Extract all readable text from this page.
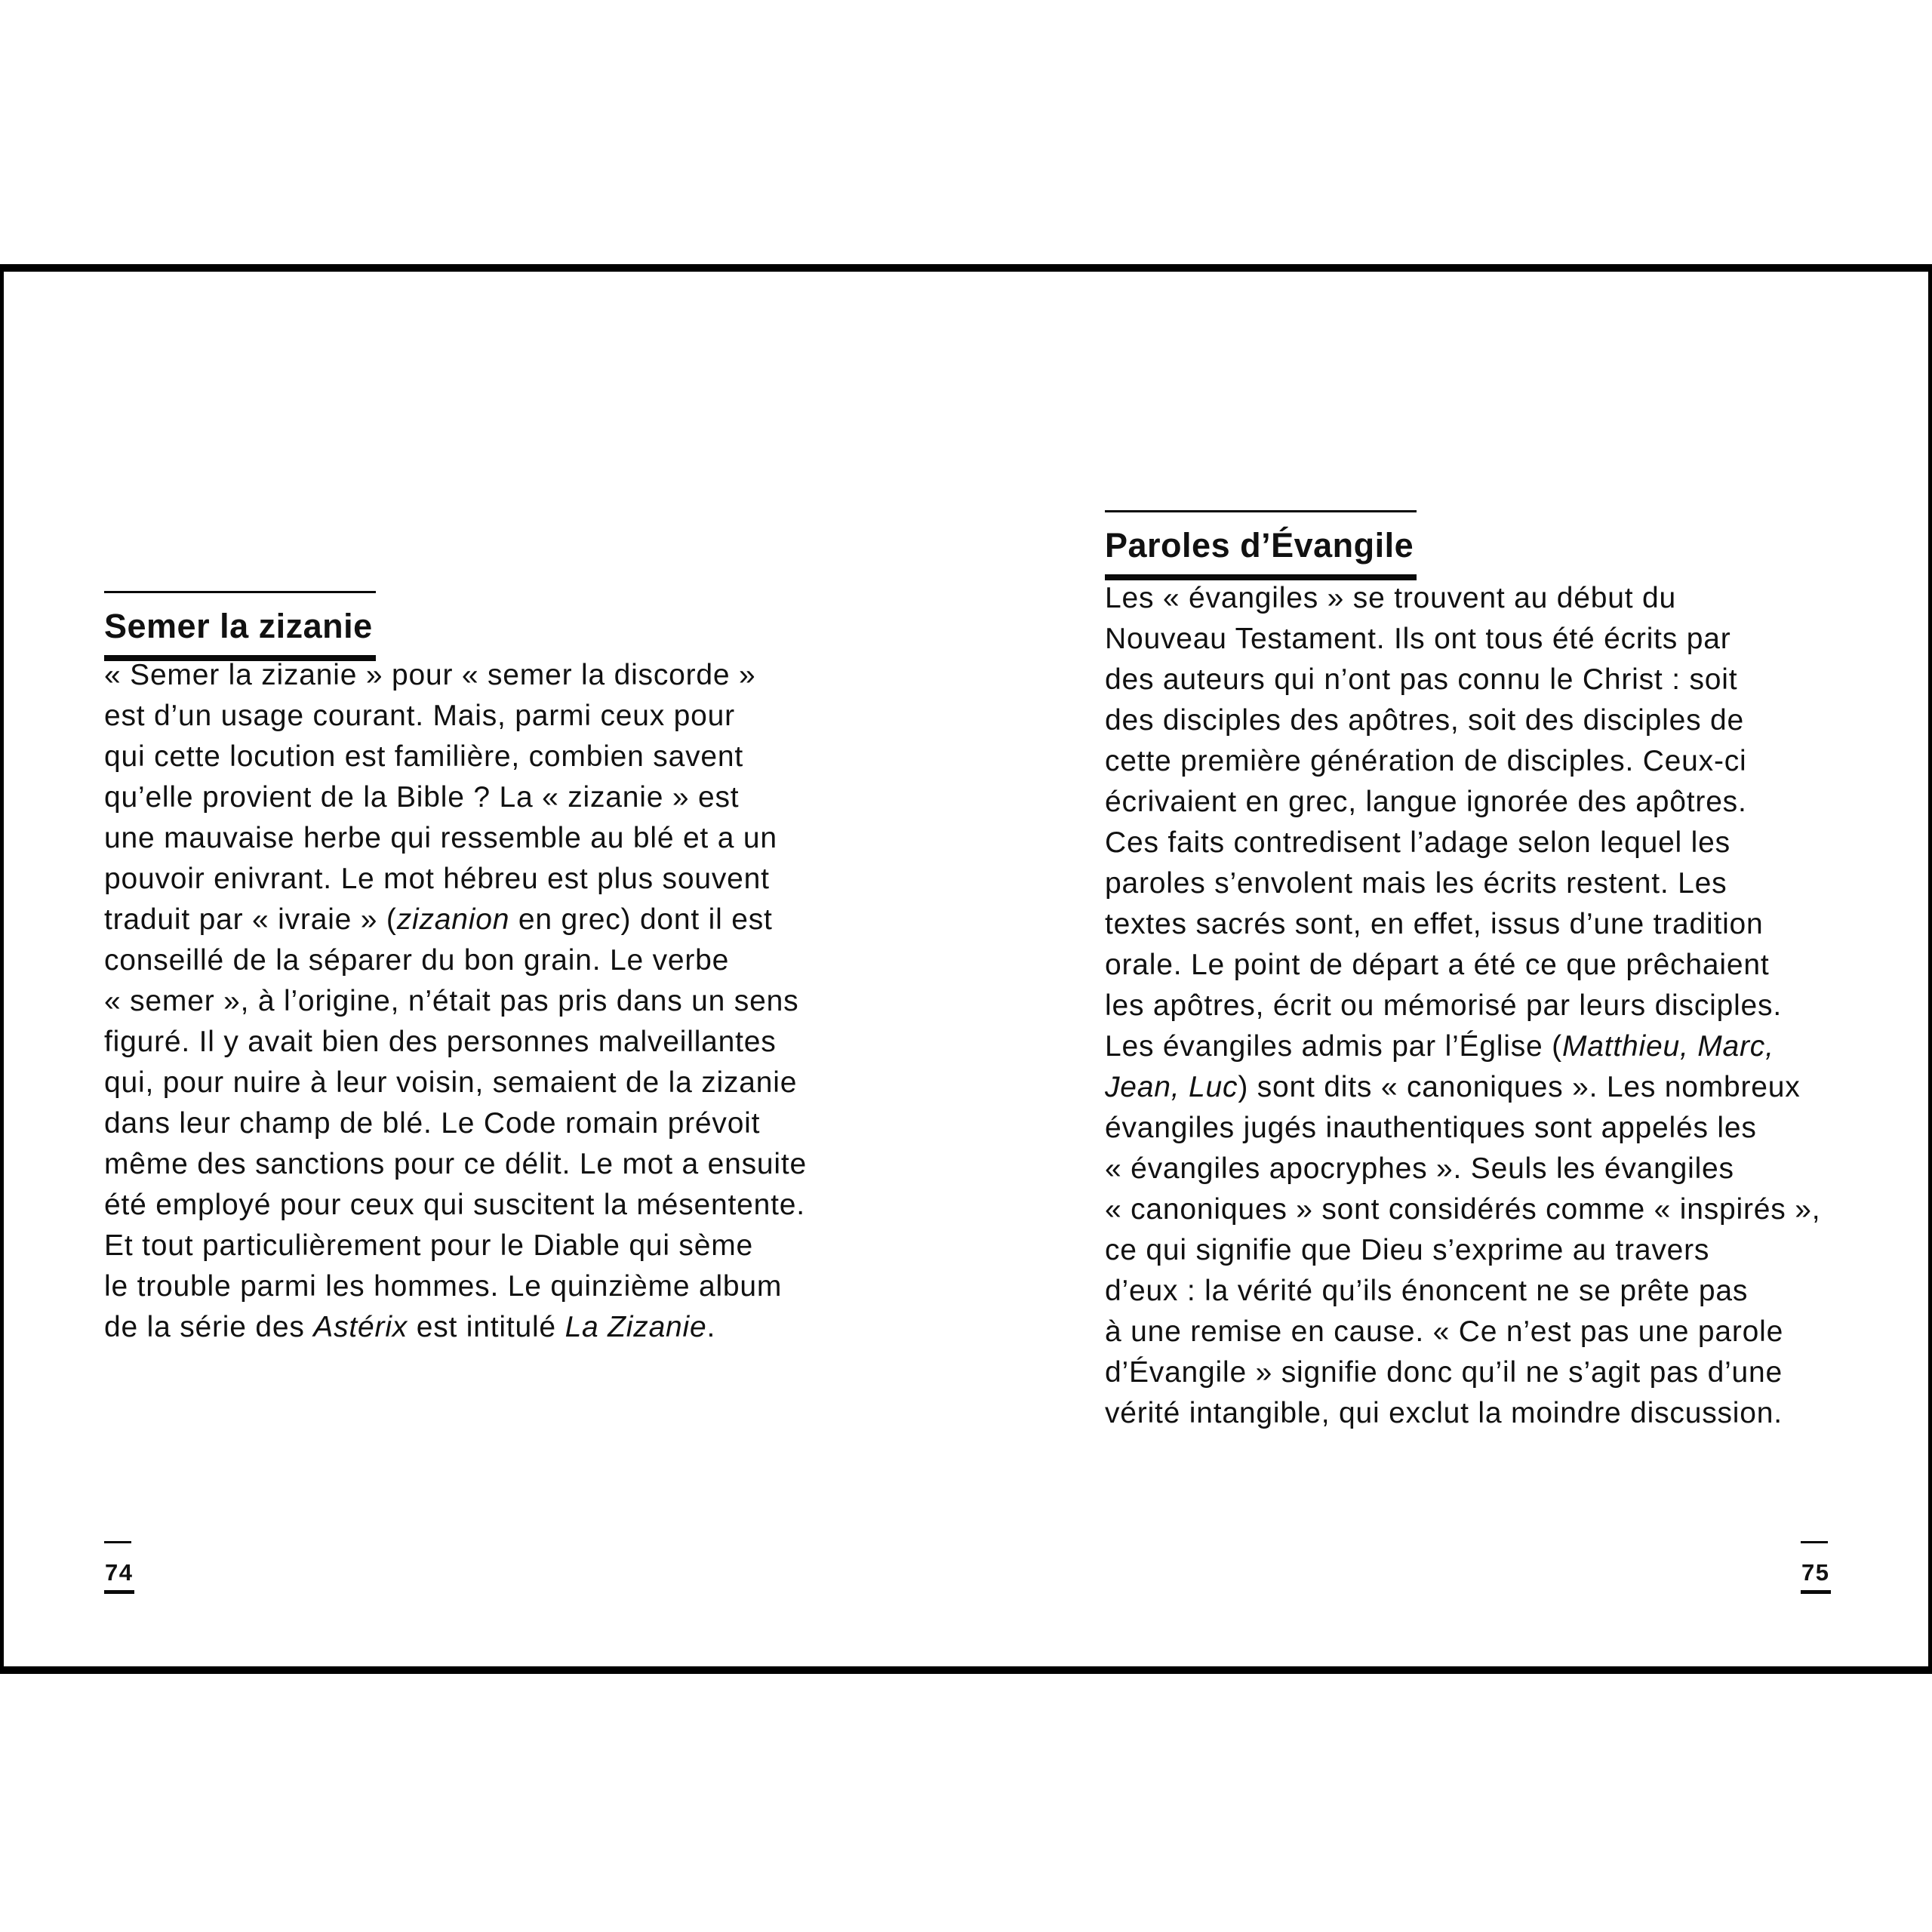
Semer la zizanie
« Semer la zizanie » pour « semer la discorde »
est d’un usage courant. Mais, parmi ceux pour
qui cette locution est familière, combien savent
qu’elle provient de la Bible ? La « zizanie » est
une mauvaise herbe qui ressemble au blé et a un
pouvoir enivrant. Le mot hébreu est plus souvent
traduit par « ivraie » (zizanion en grec) dont il est
conseillé de la séparer du bon grain. Le verbe
« semer », à l’origine, n’était pas pris dans un sens
figuré. Il y avait bien des personnes malveillantes
qui, pour nuire à leur voisin, semaient de la zizanie
dans leur champ de blé. Le Code romain prévoit
même des sanctions pour ce délit. Le mot a ensuite
été employé pour ceux qui suscitent la mésentente.
Et tout particulièrement pour le Diable qui sème
le trouble parmi les hommes. Le quinzième album
de la série des Astérix est intitulé La Zizanie.
Paroles d’Évangile
Les « évangiles » se trouvent au début du
Nouveau Testament. Ils ont tous été écrits par
des auteurs qui n’ont pas connu le Christ : soit
des disciples des apôtres, soit des disciples de
cette première génération de disciples. Ceux-ci
écrivaient en grec, langue ignorée des apôtres.
Ces faits contredisent l’adage selon lequel les
paroles s’envolent mais les écrits restent. Les
textes sacrés sont, en effet, issus d’une tradition
orale. Le point de départ a été ce que prêchaient
les apôtres, écrit ou mémorisé par leurs disciples.
Les évangiles admis par l’Église (Matthieu, Marc,
Jean, Luc) sont dits « canoniques ». Les nombreux
évangiles jugés inauthentiques sont appelés les
« évangiles apocryphes ». Seuls les évangiles
« canoniques » sont considérés comme « inspirés »,
ce qui signifie que Dieu s’exprime au travers
d’eux : la vérité qu’ils énoncent ne se prête pas
à une remise en cause. « Ce n’est pas une parole
d’Évangile » signifie donc qu’il ne s’agit pas d’une
vérité intangible, qui exclut la moindre discussion.
74	75
